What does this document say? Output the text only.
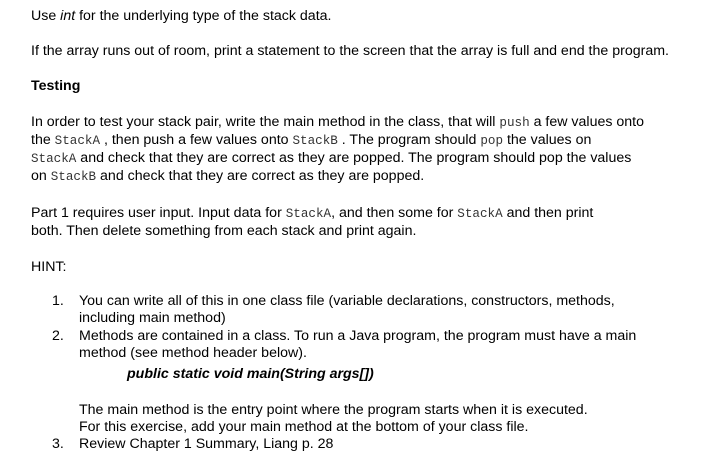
Use int for the underlying type of the stack data.
If the array runs out of room, print a statement to the screen that the array is full and end the program.
Testing
In order to test your stack pair, write the main method in the class, that will push a few values onto
the StackA , then push a few values onto StackB . The program should pop the values on
StackA and check that they are correct as they are popped. The program should pop the values
on StackB and check that they are correct as they are popped.
Part 1 requires user input. Input data for StackA, and then some for StackA and then print
both. Then delete something from each stack and print again.
HINT:
1. You can write all of this in one class file (variable declarations, constructors, methods,
including main method)
2. Methods are contained in a class. To run a Java program, the program must have a main
method (see method header below).
public static void main(String args[])
The main method is the entry point where the program starts when it is executed.
For this exercise, add your main method at the bottom of your class file.
3. Review Chapter 1 Summary, Liang p. 28
